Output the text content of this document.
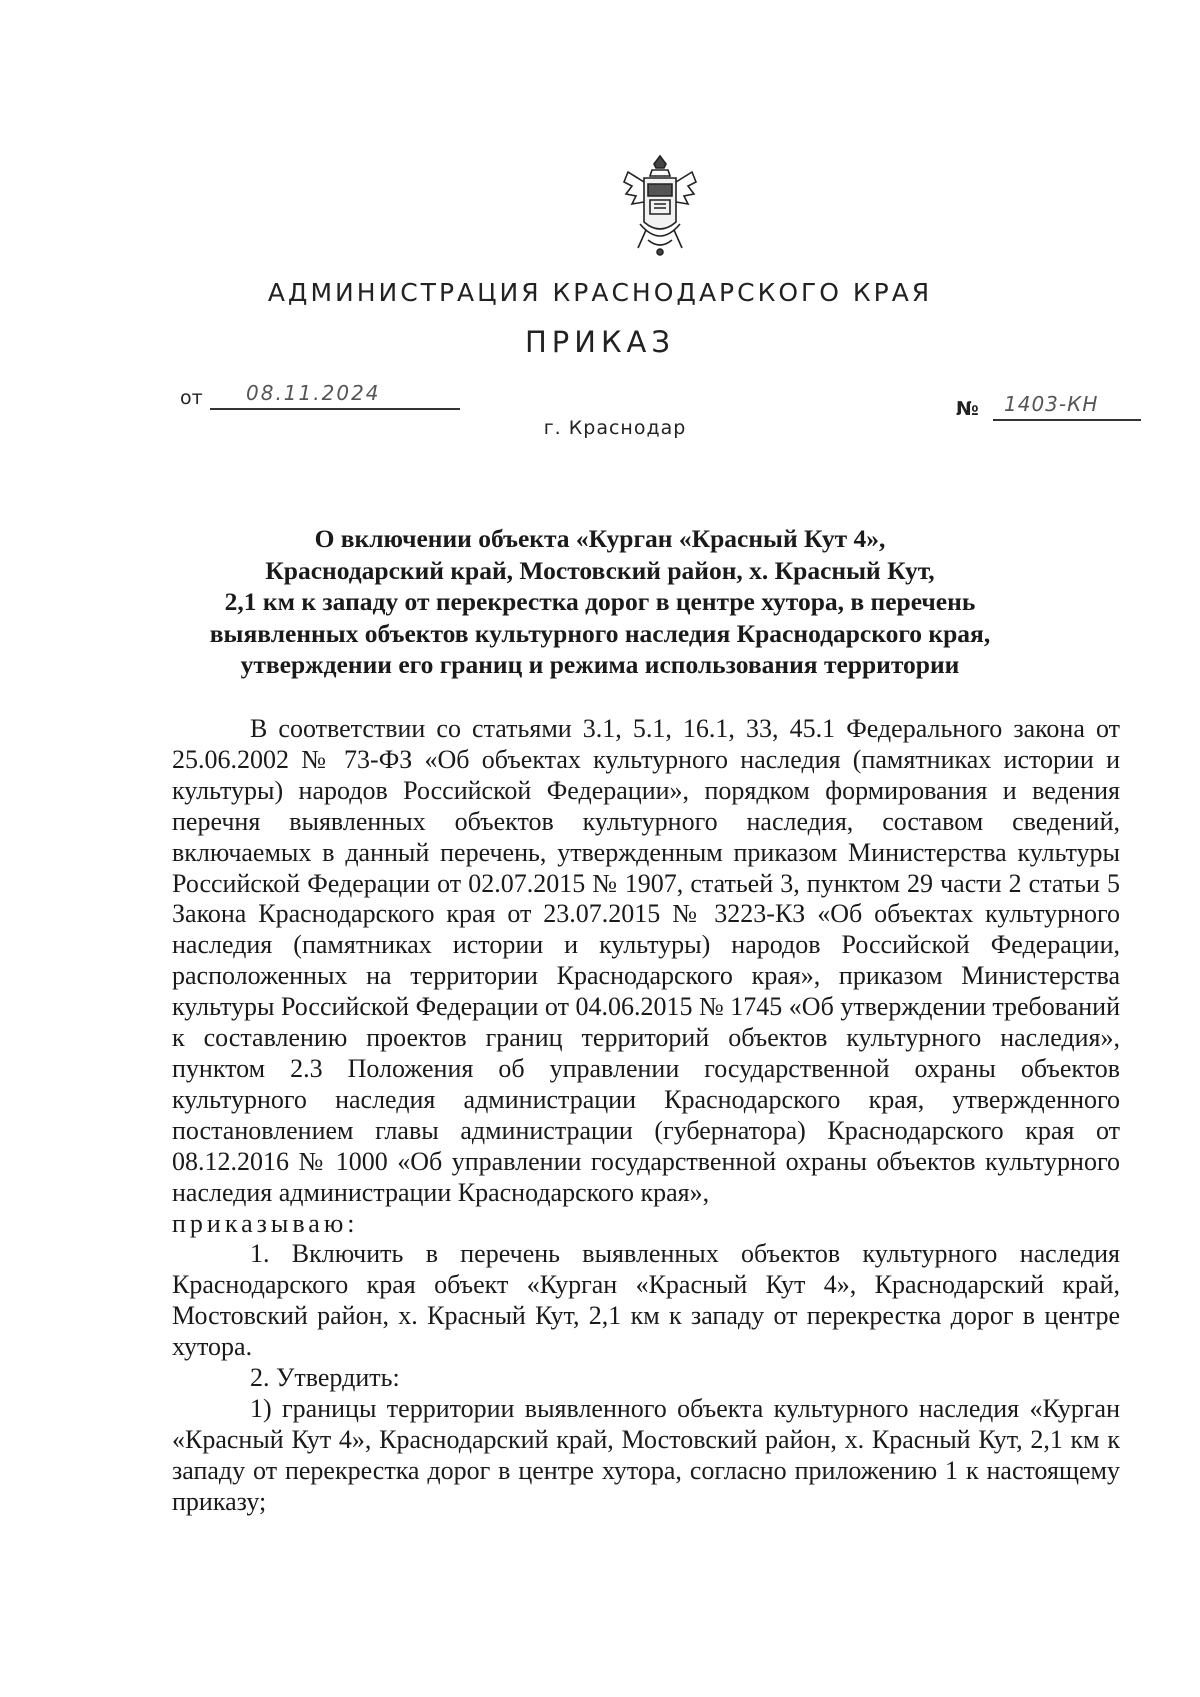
АДМИНИСТРАЦИЯ КРАСНОДАРСКОГО КРАЯ
ПРИКАЗ
от 08.11.2024
г. Краснодар
№ 1403-КН
О включении объекта «Курган «Красный Кут 4»,
Краснодарский край, Мостовский район, х. Красный Кут,
2,1 км к западу от перекрестка дорог в центре хутора, в перечень
выявленных объектов культурного наследия Краснодарского края,
утверждении его границ и режима использования территории

В соответствии со статьями 3.1, 5.1, 16.1, 33, 45.1 Федерального закона от 25.06.2002 № 73-ФЗ «Об объектах культурного наследия (памятниках истории и культуры) народов Российской Федерации», порядком формирования и ведения перечня выявленных объектов культурного наследия, составом сведений, включаемых в данный перечень, утвержденным приказом Министерства культуры Российской Федерации от 02.07.2015 № 1907, статьей 3, пунктом 29 части 2 статьи 5 Закона Краснодарского края от 23.07.2015 № 3223-КЗ «Об объектах культурного наследия (памятниках истории и культуры) народов Российской Федерации, расположенных на территории Краснодарского края», приказом Министерства культуры Российской Федерации от 04.06.2015 № 1745 «Об утверждении требований к составлению проектов границ территорий объектов культурного наследия», пунктом 2.3 Положения об управлении государственной охраны объектов культурного наследия администрации Краснодарского края, утвержденного постановлением главы администрации (губернатора) Краснодарского края от 08.12.2016 № 1000 «Об управлении государственной охраны объектов культурного наследия администрации Краснодарского края»,

приказываю:

1. Включить в перечень выявленных объектов культурного наследия Краснодарского края объект «Курган «Красный Кут 4», Краснодарский край, Мостовский район, х. Красный Кут, 2,1 км к западу от перекрестка дорог в центре хутора.

2. Утвердить:

1) границы территории выявленного объекта культурного наследия «Курган «Красный Кут 4», Краснодарский край, Мостовский район, х. Красный Кут, 2,1 км к западу от перекрестка дорог в центре хутора, согласно приложению 1 к настоящему приказу;
